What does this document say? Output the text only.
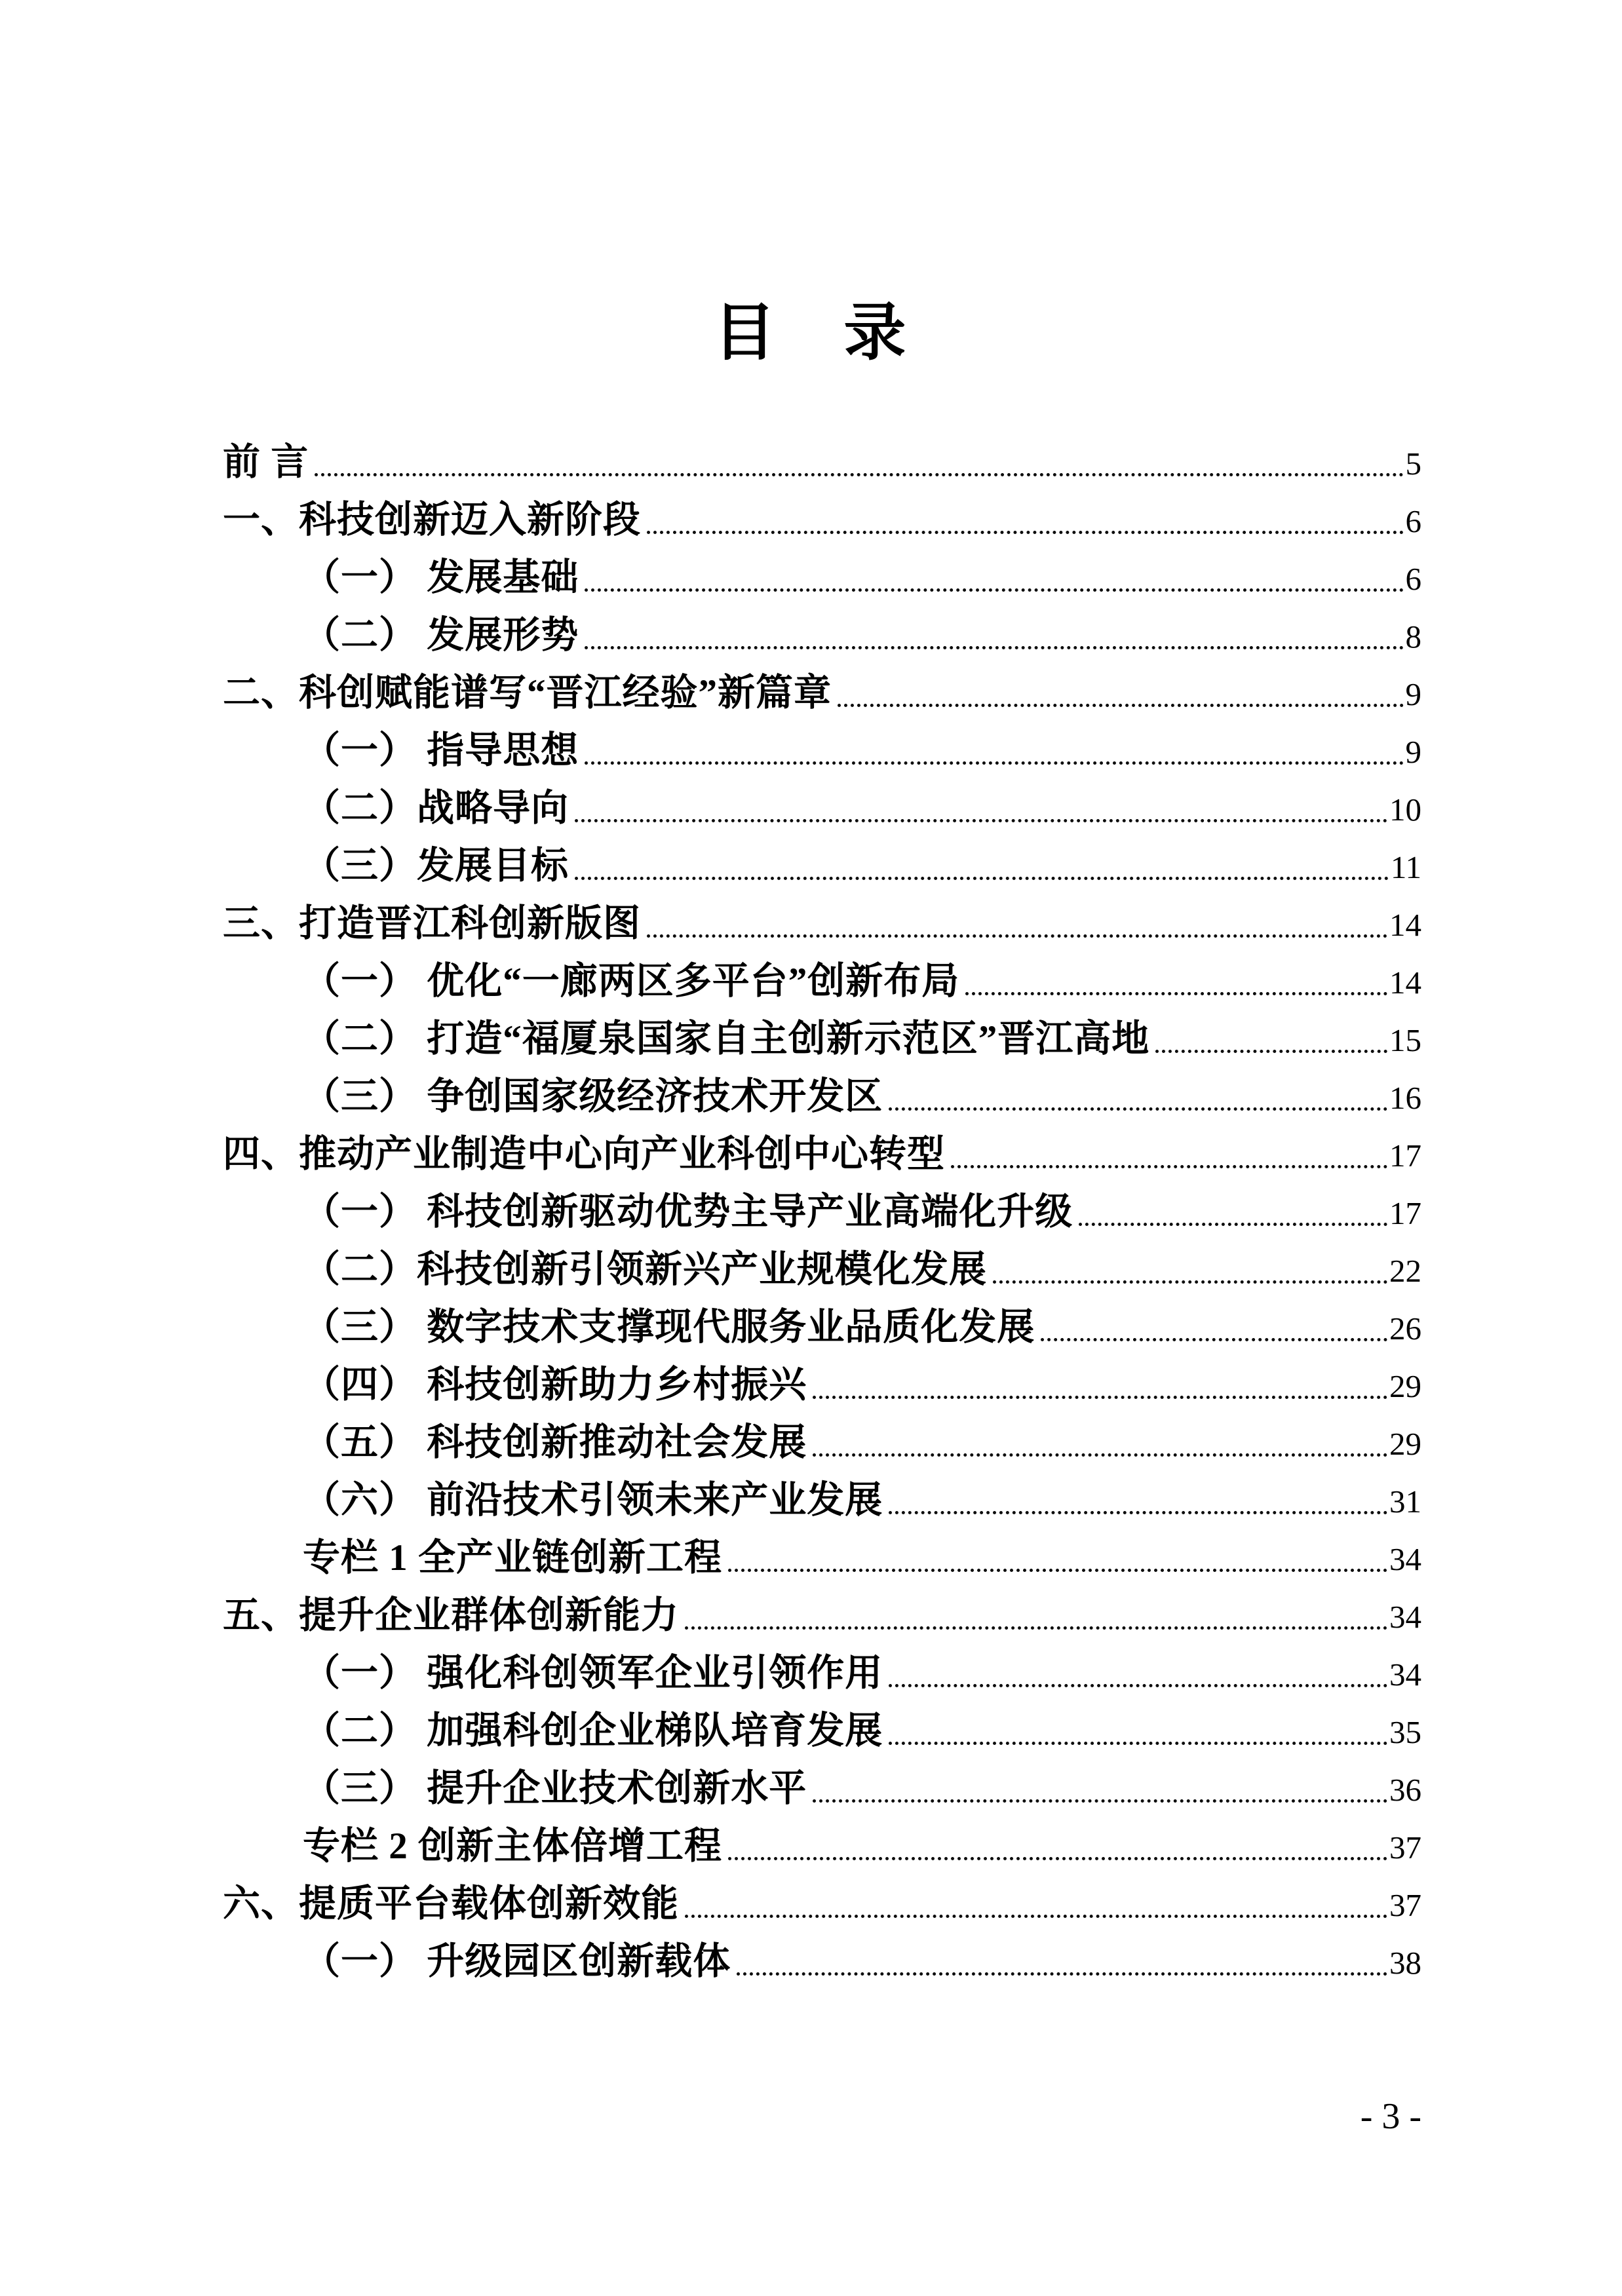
目 录
前 言	5
一、科技创新迈入新阶段	6
（一） 发展基础	6
（二） 发展形势	8
二、科创赋能谱写“晋江经验”新篇章	9
（一） 指导思想	9
（二）战略导向	10
（三）发展目标	11
三、打造晋江科创新版图	14
（一） 优化“一廊两区多平台”创新布局	14
（二） 打造“福厦泉国家自主创新示范区”晋江高地	15
（三） 争创国家级经济技术开发区	16
四、推动产业制造中心向产业科创中心转型	17
（一） 科技创新驱动优势主导产业高端化升级	17
（二）科技创新引领新兴产业规模化发展	22
（三） 数字技术支撑现代服务业品质化发展	26
（四） 科技创新助力乡村振兴	29
（五） 科技创新推动社会发展	29
（六） 前沿技术引领未来产业发展	31
专栏 1 全产业链创新工程	34
五、提升企业群体创新能力	34
（一） 强化科创领军企业引领作用	34
（二） 加强科创企业梯队培育发展	35
（三） 提升企业技术创新水平	36
专栏 2 创新主体倍增工程	37
六、提质平台载体创新效能	37
（一） 升级园区创新载体	38
- 3 -
